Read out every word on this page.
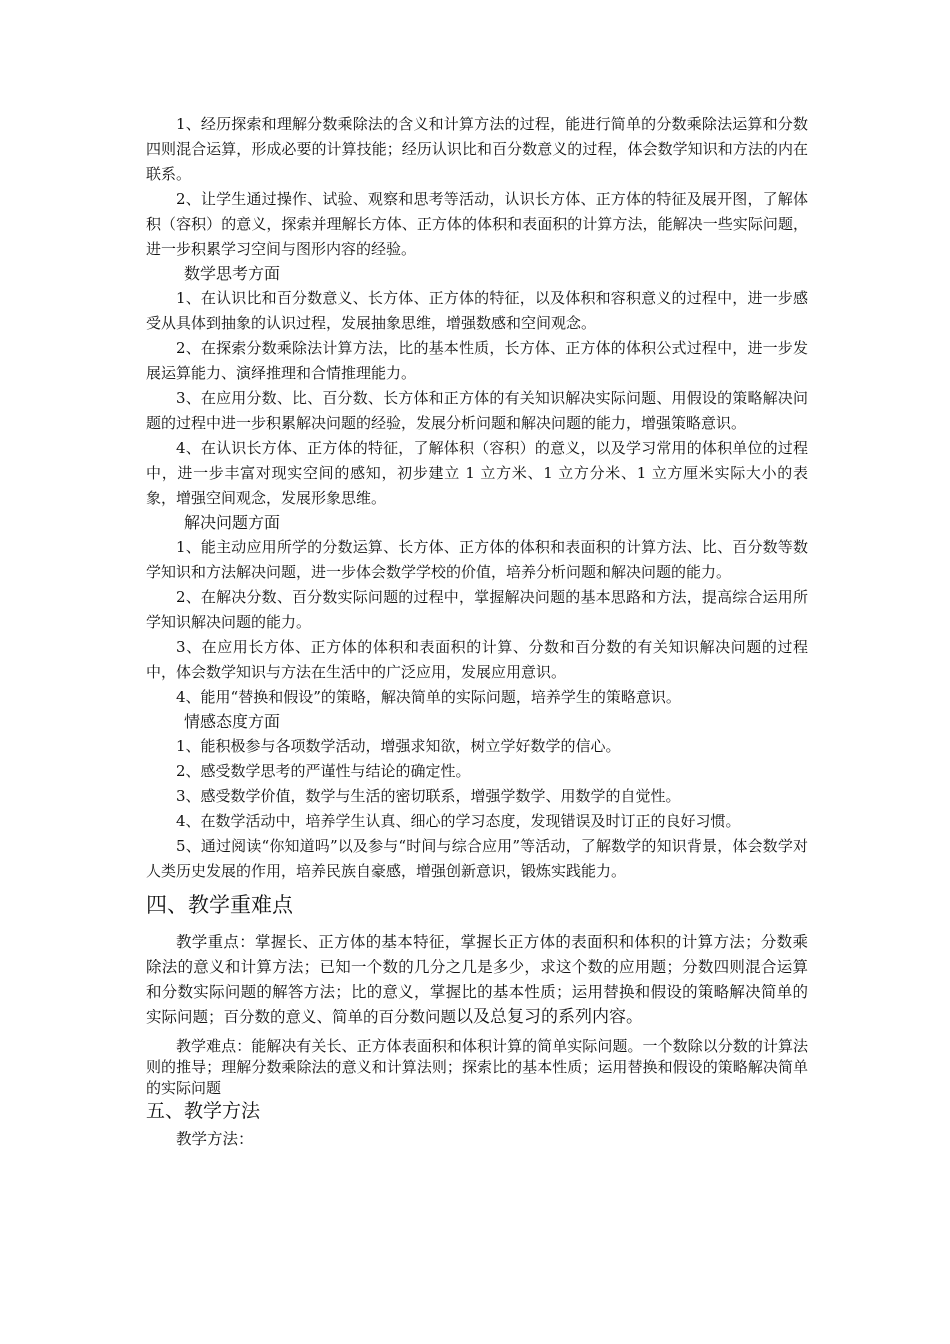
1、经历探索和理解分数乘除法的含义和计算方法的过程，能进行简单的分数乘除法运算和分数四则混合运算，形成必要的计算技能；经历认识比和百分数意义的过程，体会数学知识和方法的内在联系。

2、让学生通过操作、试验、观察和思考等活动，认识长方体、正方体的特征及展开图，了解体积（容积）的意义，探索并理解长方体、正方体的体积和表面积的计算方法，能解决一些实际问题，进一步积累学习空间与图形内容的经验。

数学思考方面

1、在认识比和百分数意义、长方体、正方体的特征，以及体积和容积意义的过程中，进一步感受从具体到抽象的认识过程，发展抽象思维，增强数感和空间观念。

2、在探索分数乘除法计算方法，比的基本性质，长方体、正方体的体积公式过程中，进一步发展运算能力、演绎推理和合情推理能力。

3、在应用分数、比、百分数、长方体和正方体的有关知识解决实际问题、用假设的策略解决问题的过程中进一步积累解决问题的经验，发展分析问题和解决问题的能力，增强策略意识。

4、在认识长方体、正方体的特征，了解体积（容积）的意义，以及学习常用的体积单位的过程中，进一步丰富对现实空间的感知，初步建立 1 立方米、1 立方分米、1 立方厘米实际大小的表象，增强空间观念，发展形象思维。

解决问题方面

1、能主动应用所学的分数运算、长方体、正方体的体积和表面积的计算方法、比、百分数等数学知识和方法解决问题，进一步体会数学学校的价值，培养分析问题和解决问题的能力。

2、在解决分数、百分数实际问题的过程中，掌握解决问题的基本思路和方法，提高综合运用所学知识解决问题的能力。

3、在应用长方体、正方体的体积和表面积的计算、分数和百分数的有关知识解决问题的过程中，体会数学知识与方法在生活中的广泛应用，发展应用意识。

4、能用“替换和假设”的策略，解决简单的实际问题，培养学生的策略意识。

情感态度方面

1、能积极参与各项数学活动，增强求知欲，树立学好数学的信心。

2、感受数学思考的严谨性与结论的确定性。

3、感受数学价值，数学与生活的密切联系，增强学数学、用数学的自觉性。

4、在数学活动中，培养学生认真、细心的学习态度，发现错误及时订正的良好习惯。

5、通过阅读“你知道吗”以及参与“时间与综合应用”等活动，了解数学的知识背景，体会数学对人类历史发展的作用，培养民族自豪感，增强创新意识，锻炼实践能力。

四、教学重难点

教学重点：掌握长、正方体的基本特征，掌握长正方体的表面积和体积的计算方法；分数乘除法的意义和计算方法；已知一个数的几分之几是多少，求这个数的应用题；分数四则混合运算和分数实际问题的解答方法；比的意义，掌握比的基本性质；运用替换和假设的策略解决简单的实际问题；百分数的意义、简单的百分数问题以及总复习的系列内容。

教学难点：能解决有关长、正方体表面积和体积计算的简单实际问题。一个数除以分数的计算法则的推导；理解分数乘除法的意义和计算法则；探索比的基本性质；运用替换和假设的策略解决简单的实际问题

五、教学方法

教学方法：
